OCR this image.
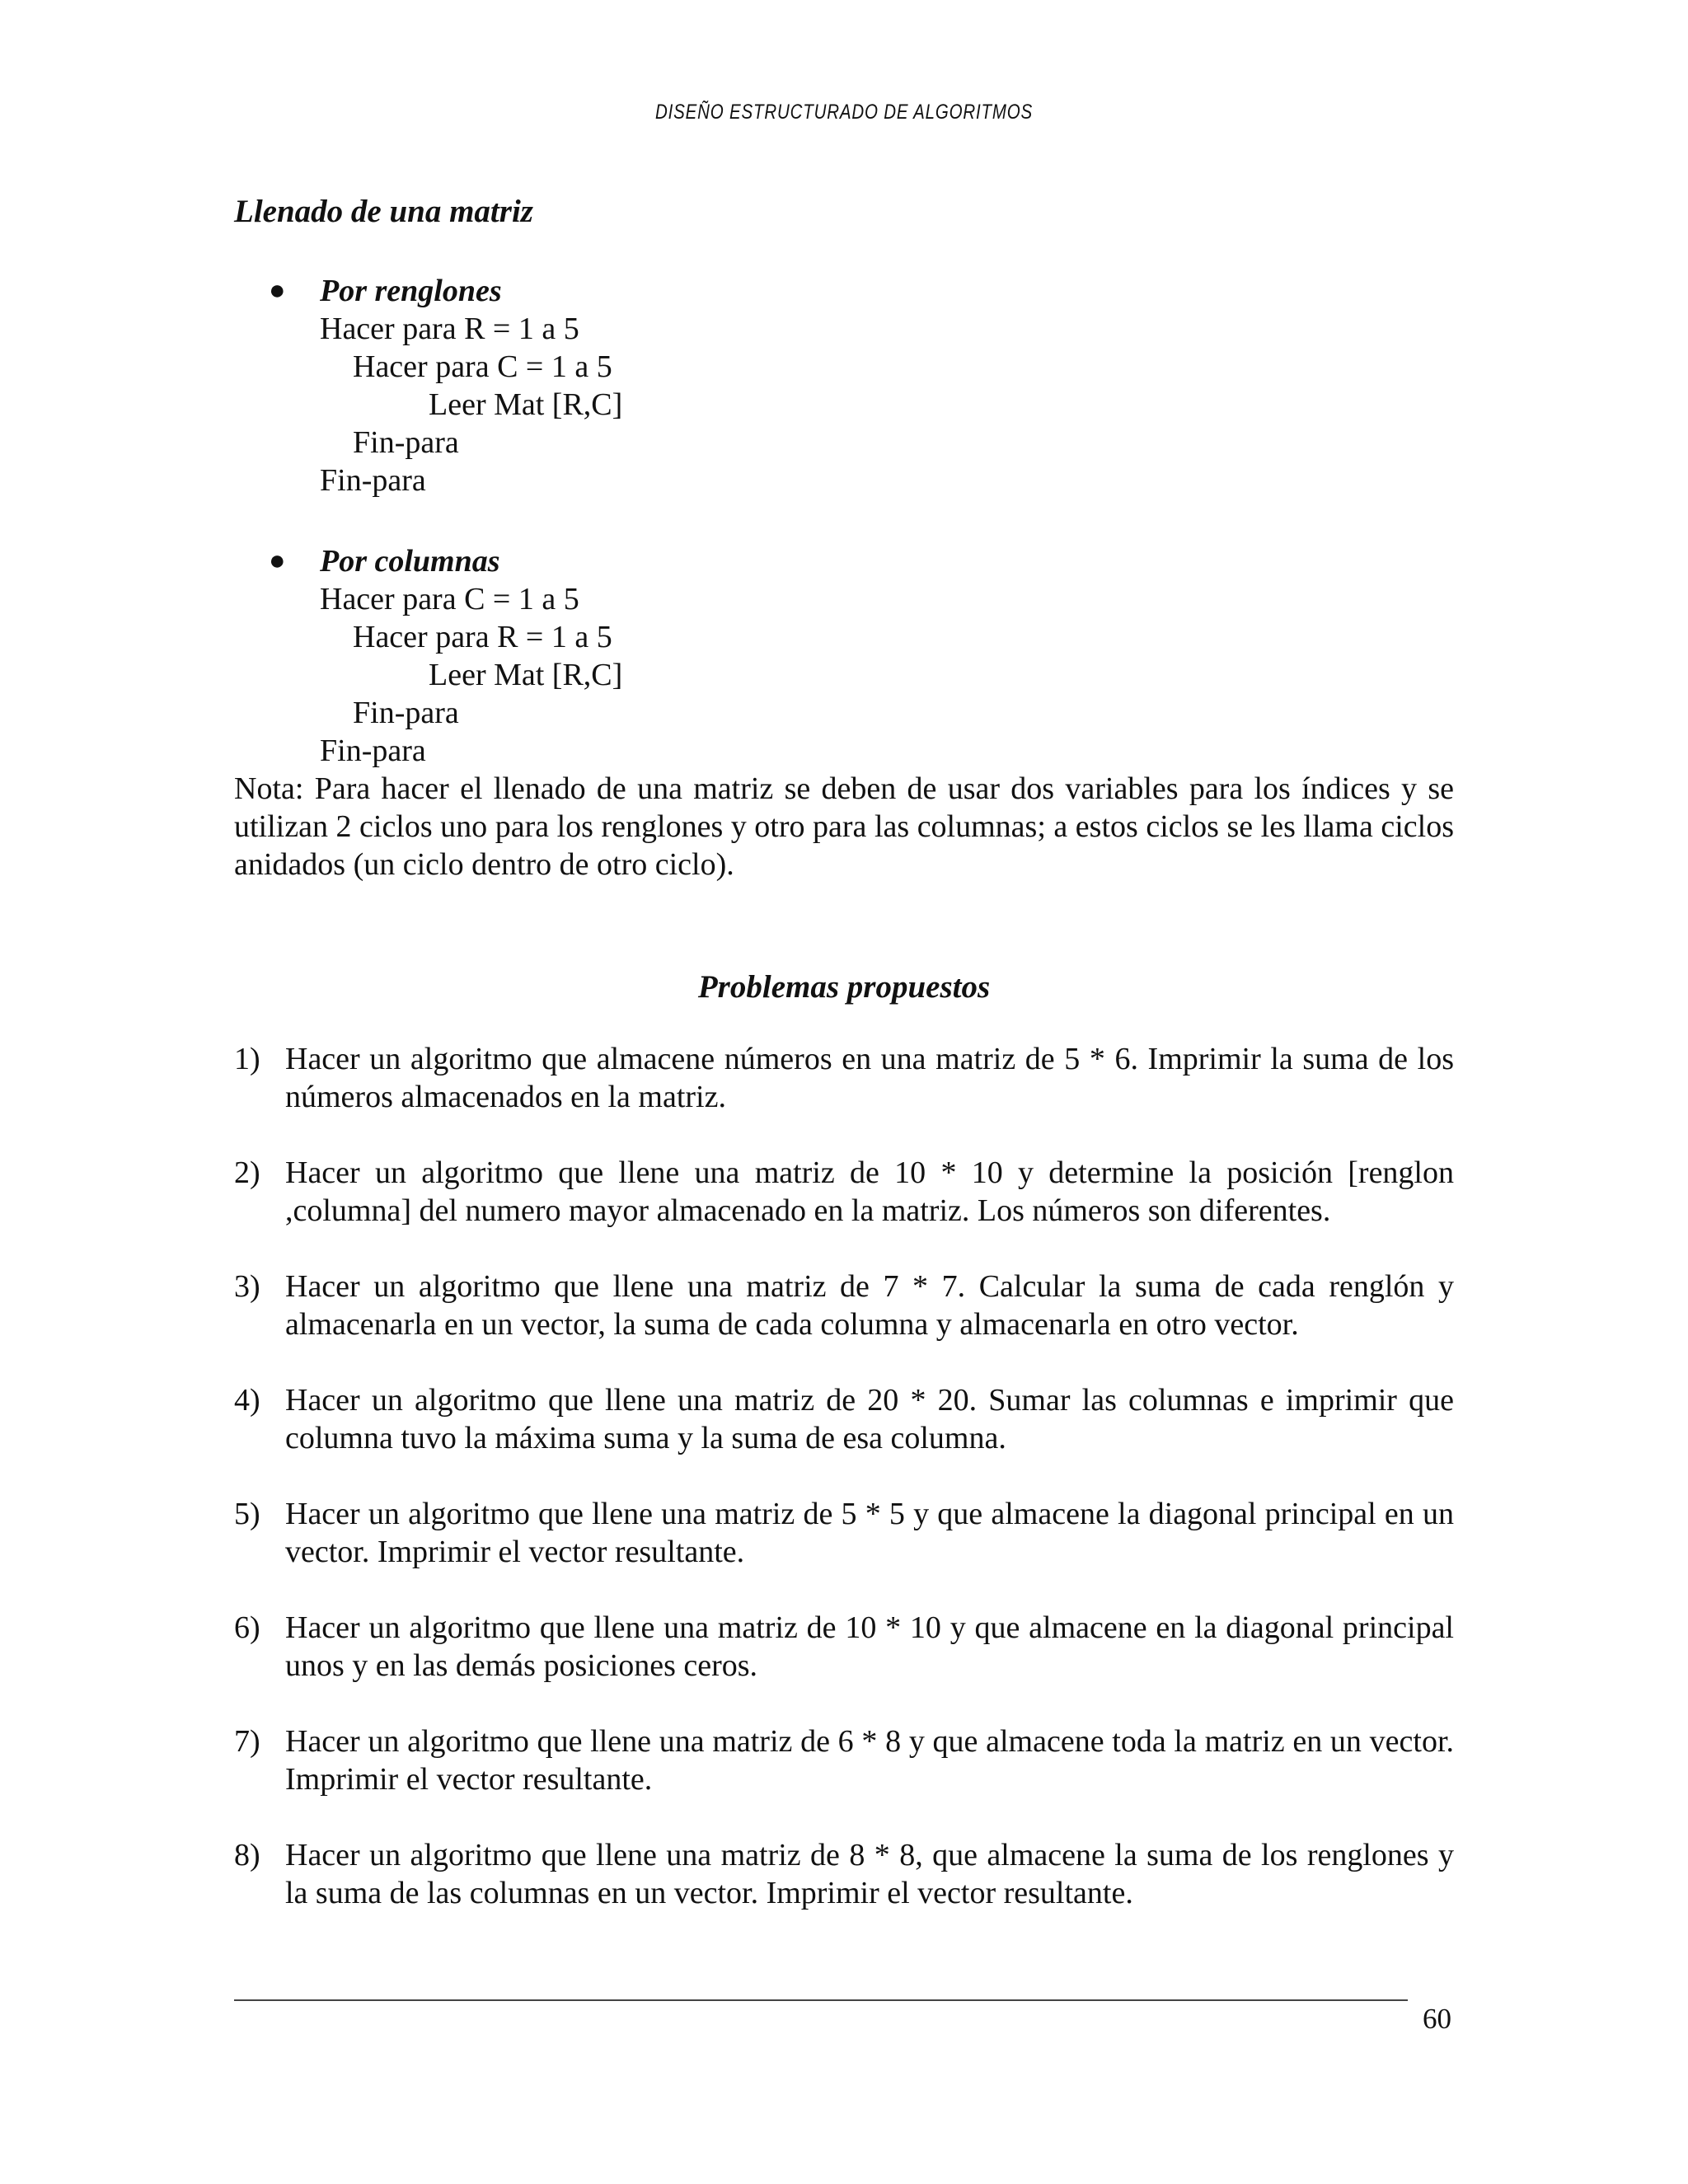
DISEÑO ESTRUCTURADO DE ALGORITMOS
Llenado de una matriz
● Por renglones
Hacer para R = 1 a 5
Hacer para C = 1 a 5
Leer Mat [R,C]
Fin-para
Fin-para
● Por columnas
Hacer para C = 1 a 5
Hacer para R = 1 a 5
Leer Mat [R,C]
Fin-para
Fin-para
Nota: Para hacer el llenado de una matriz se deben de usar dos variables para los índices y se utilizan 2 ciclos uno para los renglones y otro para las columnas; a estos ciclos se les llama ciclos anidados (un ciclo dentro de otro ciclo).
Problemas propuestos
1) Hacer un algoritmo que almacene números en una matriz de 5 * 6. Imprimir la suma de los números almacenados en la matriz.
2) Hacer un algoritmo que llene una matriz de 10 * 10 y determine la posición [renglon ,columna] del numero mayor almacenado en la matriz. Los números son diferentes.
3) Hacer un algoritmo que llene una matriz de 7 * 7. Calcular la suma de cada renglón y almacenarla en un vector, la suma de cada columna y almacenarla en otro vector.
4) Hacer un algoritmo que llene una matriz de 20 * 20. Sumar las columnas e imprimir que columna tuvo la máxima suma y la suma de esa columna.
5) Hacer un algoritmo que llene una matriz de 5 * 5 y que almacene la diagonal principal en un vector. Imprimir el vector resultante.
6) Hacer un algoritmo que llene una matriz de 10 * 10 y que almacene en la diagonal principal unos y en las demás posiciones ceros.
7) Hacer un algoritmo que llene una matriz de 6 * 8 y que almacene toda la matriz en un vector. Imprimir el vector resultante.
8) Hacer un algoritmo que llene una matriz de 8 * 8, que almacene la suma de los renglones y la suma de las columnas en un vector. Imprimir el vector resultante.
60
